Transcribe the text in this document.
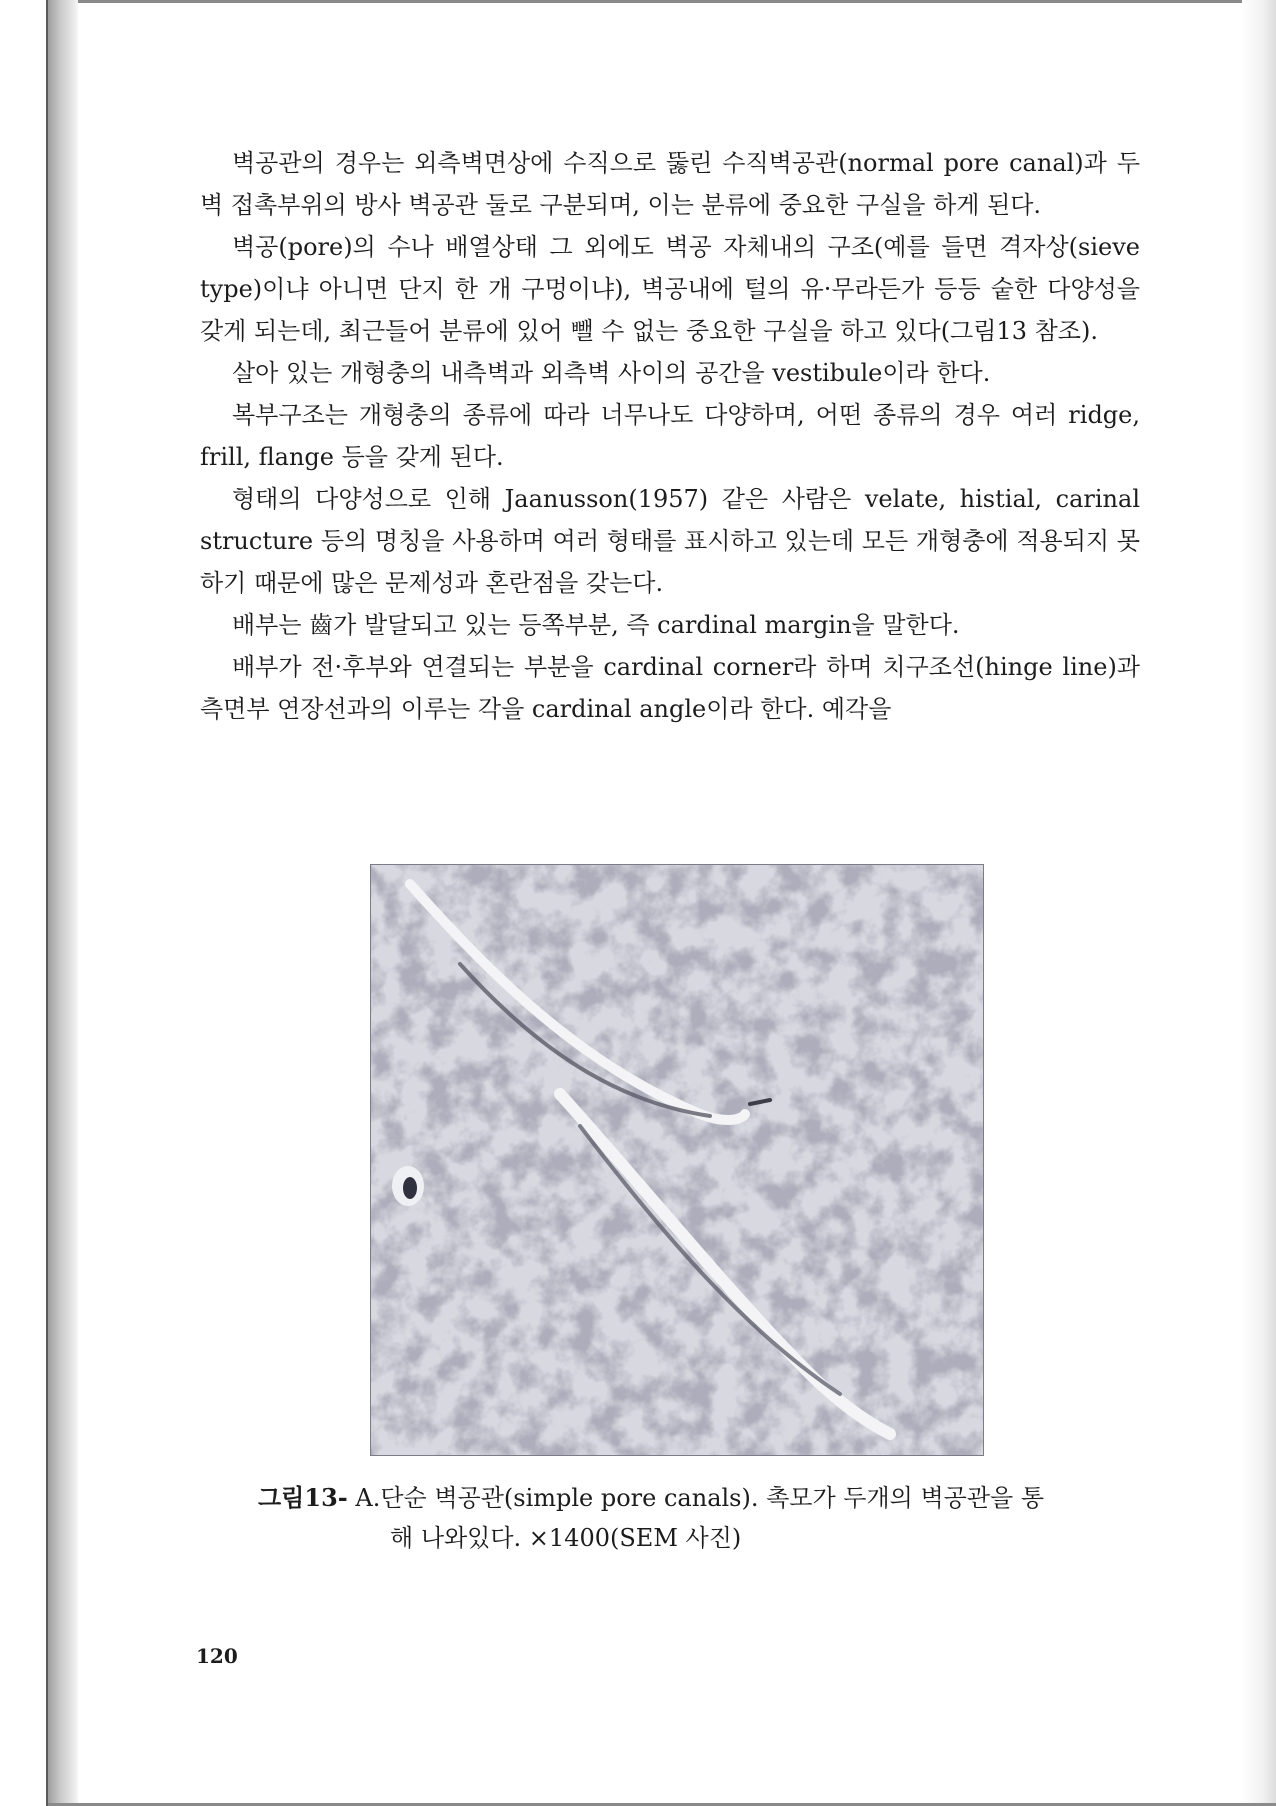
벽공관의 경우는 외측벽면상에 수직으로 뚫린 수직벽공관(normal pore canal)과 두 벽 접촉부위의 방사 벽공관 둘로 구분되며, 이는 분류에 중요한 구실을 하게 된다.

벽공(pore)의 수나 배열상태 그 외에도 벽공 자체내의 구조(예를 들면 격자상(sieve type)이냐 아니면 단지 한 개 구멍이냐), 벽공내에 털의 유·무라든가 등등 숱한 다양성을 갖게 되는데, 최근들어 분류에 있어 뺄 수 없는 중요한 구실을 하고 있다(그림13 참조).

살아 있는 개형충의 내측벽과 외측벽 사이의 공간을 vestibule이라 한다.

복부구조는 개형충의 종류에 따라 너무나도 다양하며, 어떤 종류의 경우 여러 ridge, frill, flange 등을 갖게 된다.

형태의 다양성으로 인해 Jaanusson(1957) 같은 사람은 velate, histial, carinal structure 등의 명칭을 사용하며 여러 형태를 표시하고 있는데 모든 개형충에 적용되지 못하기 때문에 많은 문제성과 혼란점을 갖는다.

배부는 齒가 발달되고 있는 등쪽부분, 즉 cardinal margin을 말한다.

배부가 전·후부와 연결되는 부분을 cardinal corner라 하며 치구조선(hinge line)과 측면부 연장선과의 이루는 각을 cardinal angle이라 한다. 예각을

그림13- A.단순 벽공관(simple pore canals). 촉모가 두개의 벽공관을 통
해 나와있다. ×1400(SEM 사진)
120
